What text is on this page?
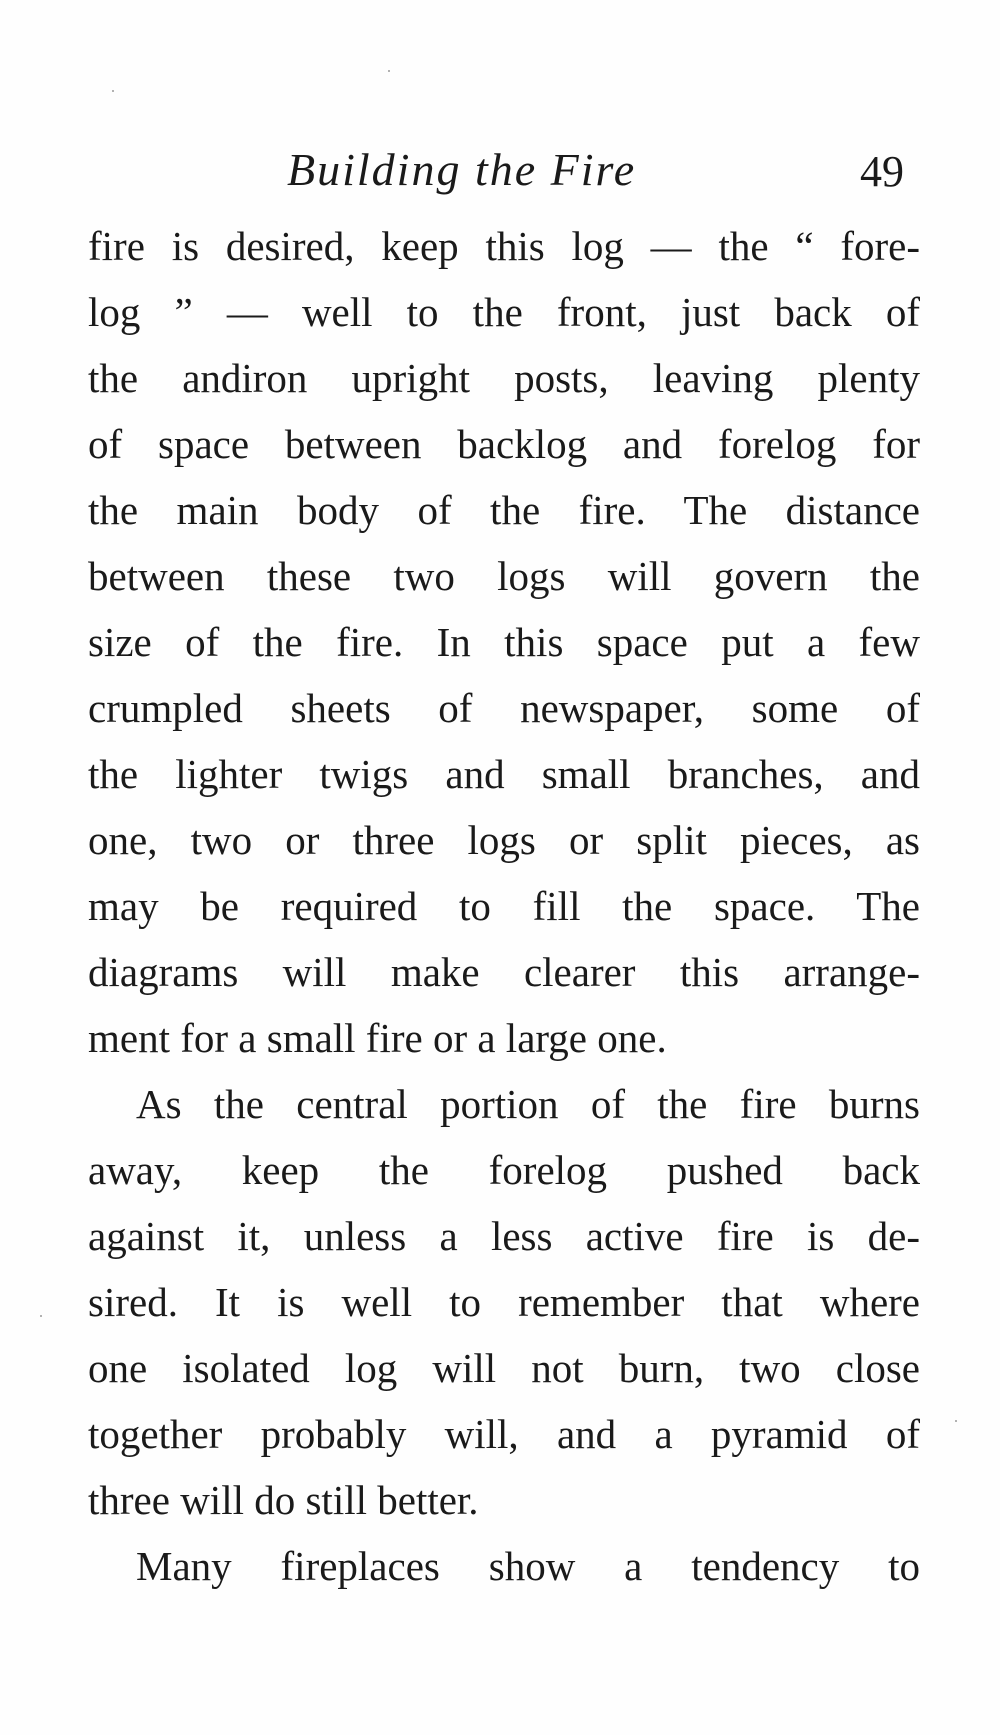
Building the Fire	49
fire is desired, keep this log — the “ fore-
log ” — well to the front, just back of
the andiron upright posts, leaving plenty
of space between backlog and forelog for
the main body of the fire. The distance
between these two logs will govern the
size of the fire. In this space put a few
crumpled sheets of newspaper, some of
the lighter twigs and small branches, and
one, two or three logs or split pieces, as
may be required to fill the space. The
diagrams will make clearer this arrange-
ment for a small fire or a large one.
As the central portion of the fire burns
away, keep the forelog pushed back
against it, unless a less active fire is de-
sired. It is well to remember that where
one isolated log will not burn, two close
together probably will, and a pyramid of
three will do still better.
Many fireplaces show a tendency to
